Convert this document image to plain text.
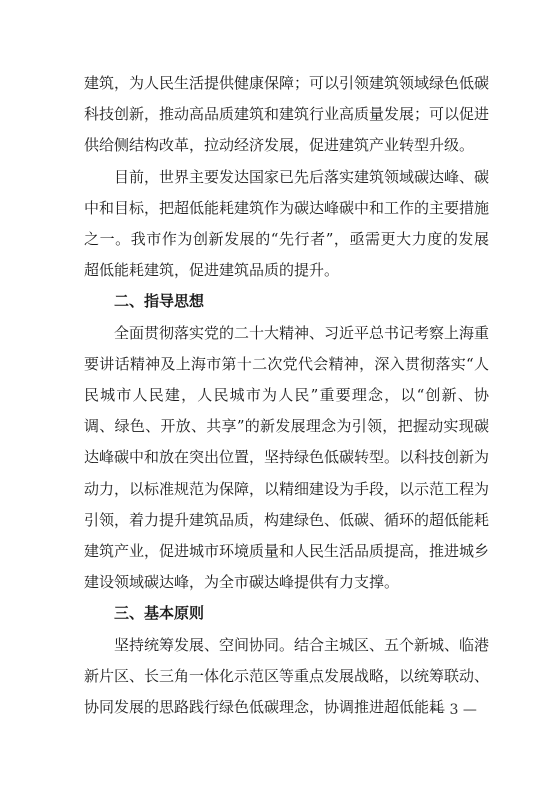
建筑，为人民生活提供健康保障；可以引领建筑领域绿色低碳科技创新，推动高品质建筑和建筑行业高质量发展；可以促进供给侧结构改革，拉动经济发展，促进建筑产业转型升级。

目前，世界主要发达国家已先后落实建筑领域碳达峰、碳中和目标，把超低能耗建筑作为碳达峰碳中和工作的主要措施之一。我市作为创新发展的“先行者”，亟需更大力度的发展超低能耗建筑，促进建筑品质的提升。

二、指导思想

全面贯彻落实党的二十大精神、习近平总书记考察上海重要讲话精神及上海市第十二次党代会精神，深入贯彻落实“人民城市人民建，人民城市为人民”重要理念，以“创新、协调、绿色、开放、共享”的新发展理念为引领，把握动实现碳达峰碳中和放在突出位置，坚持绿色低碳转型。以科技创新为动力，以标准规范为保障，以精细建设为手段，以示范工程为引领，着力提升建筑品质，构建绿色、低碳、循环的超低能耗建筑产业，促进城市环境质量和人民生活品质提高，推进城乡建设领域碳达峰，为全市碳达峰提供有力支撑。

三、基本原则

坚持统筹发展、空间协同。结合主城区、五个新城、临港新片区、长三角一体化示范区等重点发展战略，以统筹联动、协同发展的思路践行绿色低碳理念，协调推进超低能耗

— 3 —
